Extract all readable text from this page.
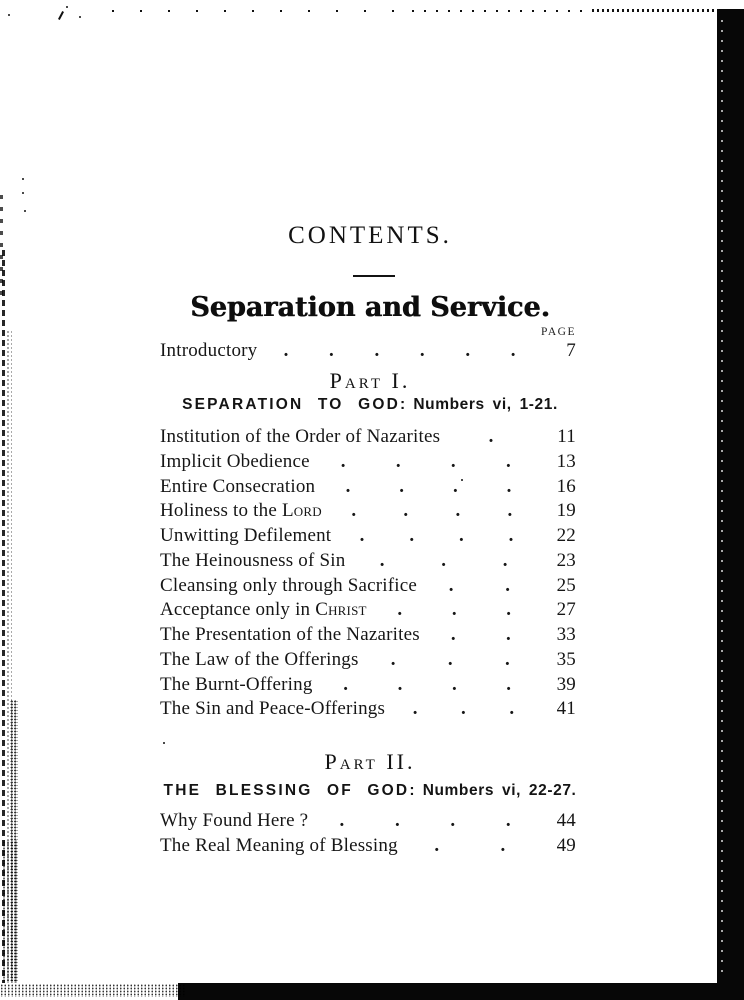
CONTENTS.
Separation and Service.
PAGE
Introductory . . . . . .	7
Part I.
SEPARATION TO GOD: Numbers vi, 1-21.
Institution of the Order of Nazarites	.	11
Implicit Obedience .	.	.	.	13
Entire Consecration .	.	.	.	16
Holiness to the Lord . . . .	19
Unwitting Defilement . . . .	22
The Heinousness of Sin .	.	.	23
Cleansing only through Sacrifice .	.	25
Acceptance only in Christ .	.	.	27
The Presentation of the Nazarites .	.	33
The Law of the Offerings .	.	.	35
The Burnt-Offering .	.	.	.	39
The Sin and Peace-Offerings . . .	41
Part II.
THE BLESSING OF GOD: Numbers vi, 22-27.
Why Found Here ? .	.	.	.	44
The Real Meaning of Blessing .	.	49
